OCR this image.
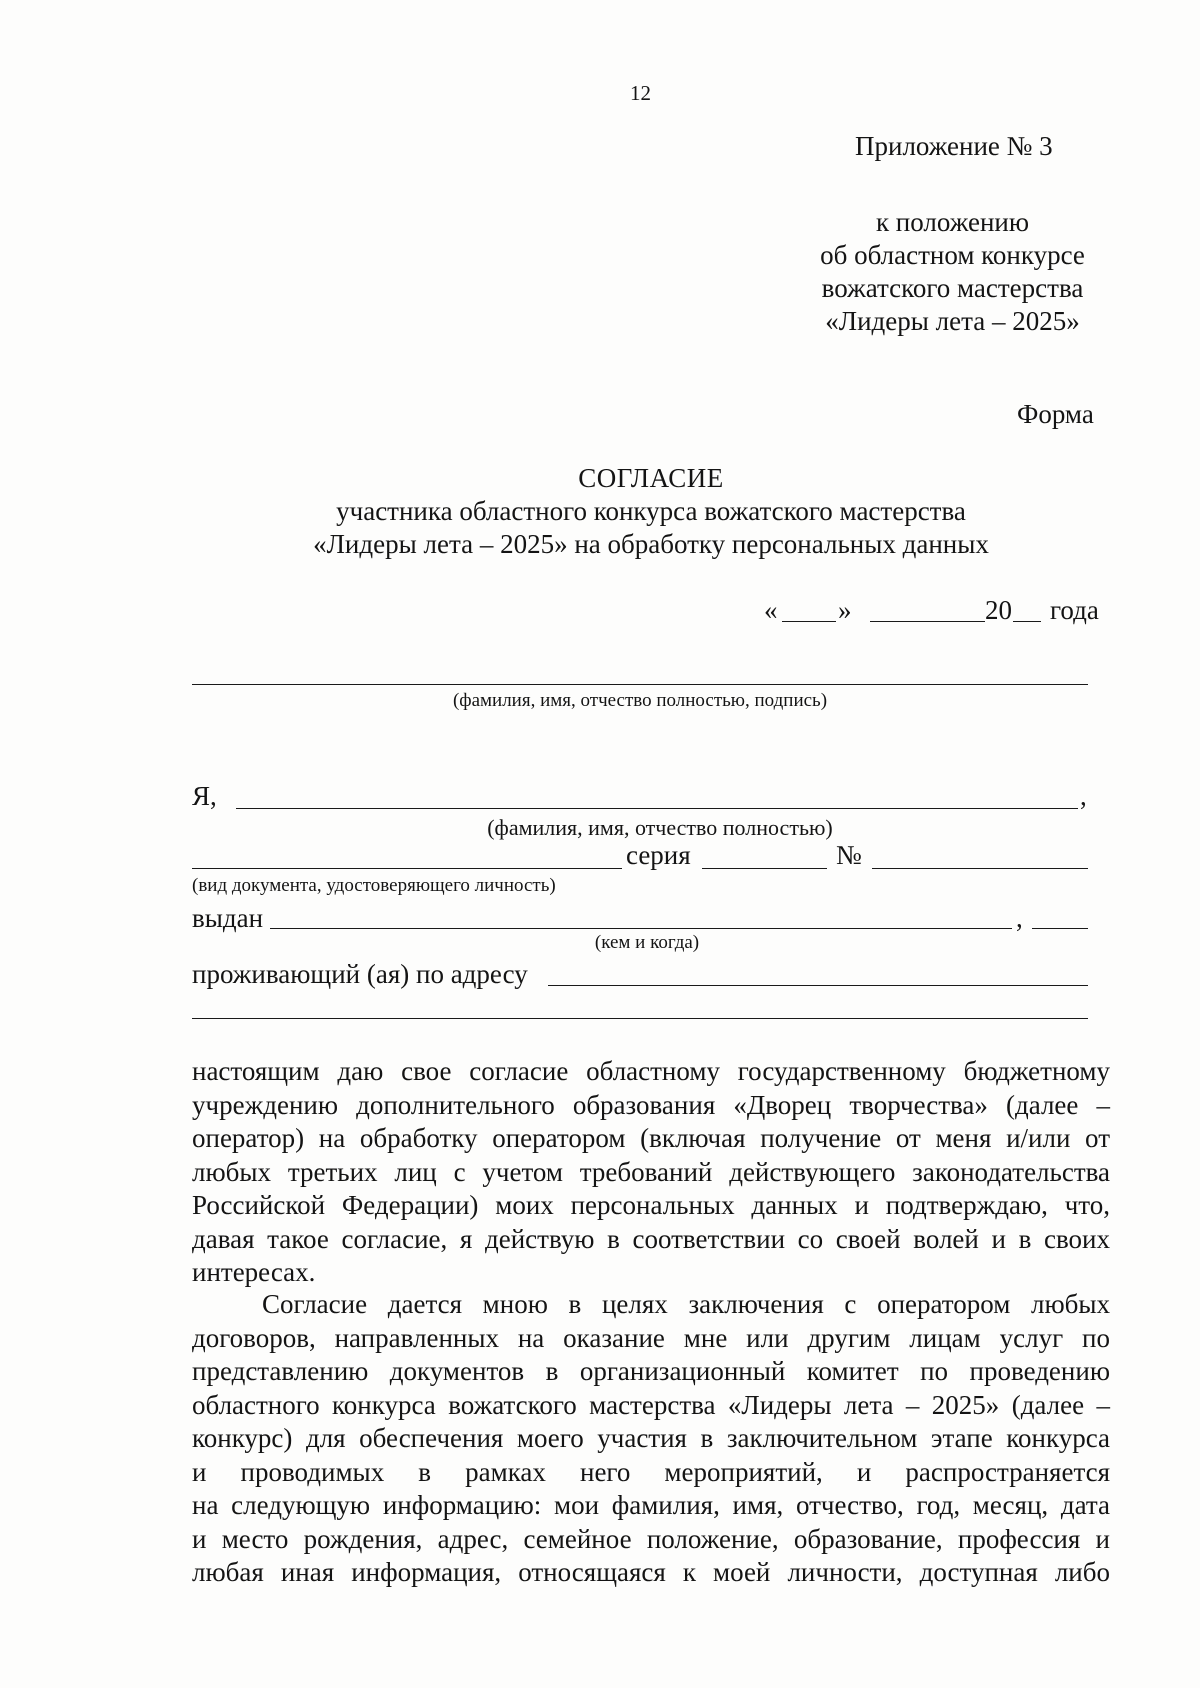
12
Приложение № 3
к положению
об областном конкурсе
вожатского мастерства
«Лидеры лета – 2025»
Форма
СОГЛАСИЕ
участника областного конкурса вожатского мастерства
«Лидеры лета – 2025» на обработку персональных данных
« »	20 года
(фамилия, имя, отчество полностью, подпись)
Я,	,
(фамилия, имя, отчество полностью)
серия	№
(вид документа, удостоверяющего личность)
выдан	,
(кем и когда)
проживающий (ая) по адресу
настоящим даю свое согласие областному государственному бюджетному
учреждению дополнительного образования «Дворец творчества» (далее –
оператор) на обработку оператором (включая получение от меня и/или от
любых третьих лиц с учетом требований действующего законодательства
Российской Федерации) моих персональных данных и подтверждаю, что,
давая такое согласие, я действую в соответствии со своей волей и в своих
интересах.
Согласие дается мною в целях заключения с оператором любых
договоров, направленных на оказание мне или другим лицам услуг по
представлению документов в организационный комитет по проведению
областного конкурса вожатского мастерства «Лидеры лета – 2025» (далее –
конкурс) для обеспечения моего участия в заключительном этапе конкурса
и проводимых в рамках него мероприятий, и распространяется
на следующую информацию: мои фамилия, имя, отчество, год, месяц, дата
и место рождения, адрес, семейное положение, образование, профессия и
любая иная информация, относящаяся к моей личности, доступная либо
